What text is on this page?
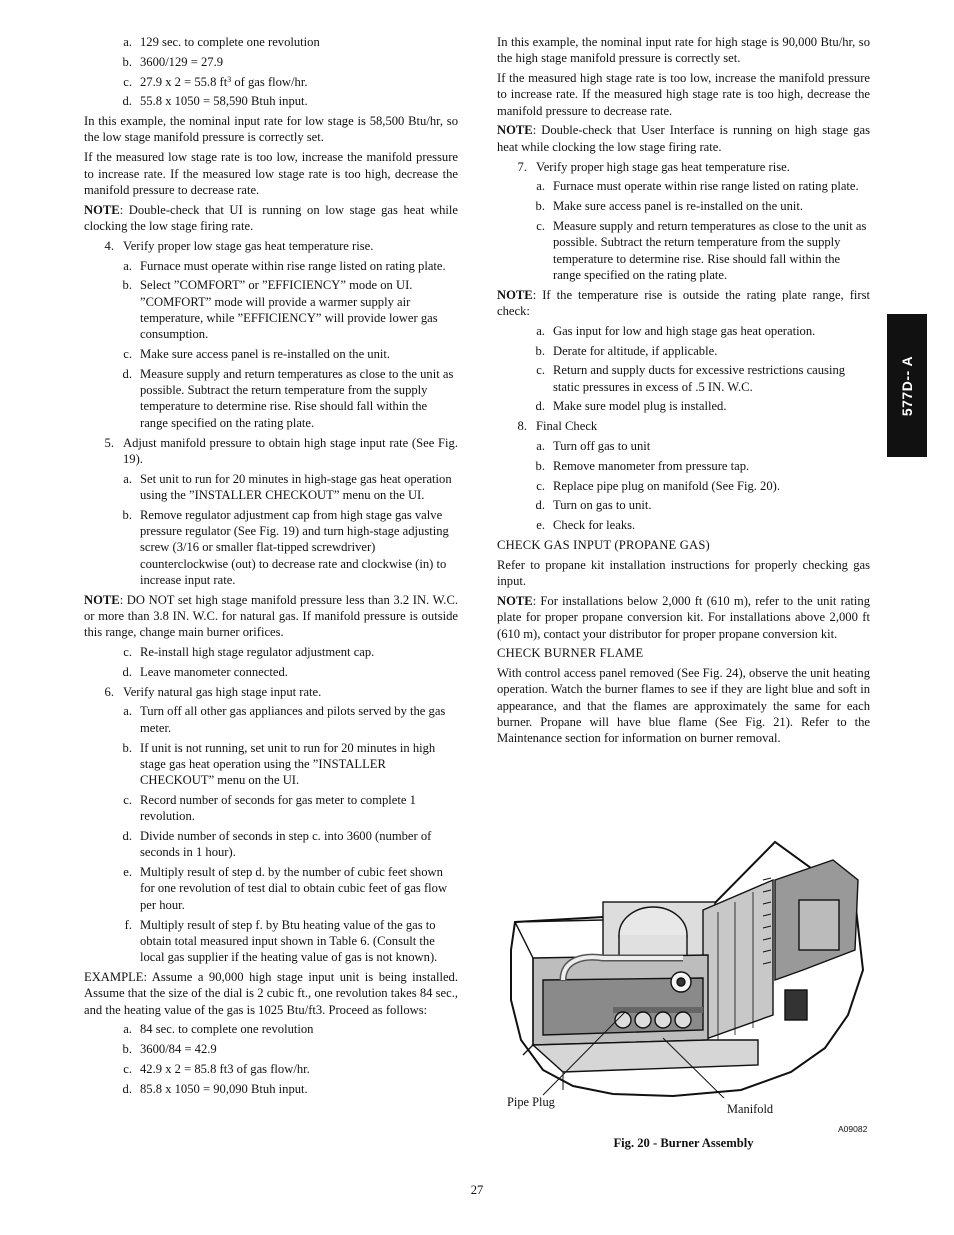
a. 129 sec. to complete one revolution
b. 3600/129 = 27.9
c. 27.9 x 2 = 55.8 $ft^3$ of gas flow/hr.
d. 55.8 x 1050 = 58,590 Btuh input.

In this example, the nominal input rate for low stage is 58,500 Btu/hr, so the low stage manifold pressure is correctly set.

If the measured low stage rate is too low, increase the manifold pressure to increase rate. If the measured low stage rate is too high, decrease the manifold pressure to decrease rate.

NOTE: Double-check that UI is running on low stage gas heat while clocking the low stage firing rate.

4. Verify proper low stage gas heat temperature rise.
a. Furnace must operate within rise range listed on rating plate.
b. Select ”COMFORT” or ”EFFICIENCY” mode on UI. ”COMFORT” mode will provide a warmer supply air temperature, while ”EFFICIENCY” will provide lower gas consumption.
c. Make sure access panel is re-installed on the unit.
d. Measure supply and return temperatures as close to the unit as possible. Subtract the return temperature from the supply temperature to determine rise. Rise should fall within the range specified on the rating plate.
5. Adjust manifold pressure to obtain high stage input rate (See Fig. 19).
a. Set unit to run for 20 minutes in high-stage gas heat operation using the ”INSTALLER CHECKOUT” menu on the UI.
b. Remove regulator adjustment cap from high stage gas valve pressure regulator (See Fig. 19) and turn high-stage adjusting screw (3/16 or smaller flat-tipped screwdriver) counterclockwise (out) to decrease rate and clockwise (in) to increase input rate.

NOTE: DO NOT set high stage manifold pressure less than 3.2 IN. W.C. or more than 3.8 IN. W.C. for natural gas. If manifold pressure is outside this range, change main burner orifices.

c. Re-install high stage regulator adjustment cap.
d. Leave manometer connected.
6. Verify natural gas high stage input rate.
a. Turn off all other gas appliances and pilots served by the gas meter.
b. If unit is not running, set unit to run for 20 minutes in high stage gas heat operation using the ”INSTALLER CHECKOUT” menu on the UI.
c. Record number of seconds for gas meter to complete 1 revolution.
d. Divide number of seconds in step c. into 3600 (number of seconds in 1 hour).
e. Multiply result of step d. by the number of cubic feet shown for one revolution of test dial to obtain cubic feet of gas flow per hour.
f. Multiply result of step f. by Btu heating value of the gas to obtain total measured input shown in Table 6. (Consult the local gas supplier if the heating value of gas is not known).

EXAMPLE: Assume a 90,000 high stage input unit is being installed. Assume that the size of the dial is 2 cubic ft., one revolution takes 84 sec., and the heating value of the gas is 1025 Btu/ft3. Proceed as follows:

a. 84 sec. to complete one revolution
b. 3600/84 = 42.9
c. 42.9 x 2 = 85.8 ft3 of gas flow/hr.
d. 85.8 x 1050 = 90,090 Btuh input.

In this example, the nominal input rate for high stage is 90,000 Btu/hr, so the high stage manifold pressure is correctly set.

If the measured high stage rate is too low, increase the manifold pressure to increase rate. If the measured high stage rate is too high, decrease the manifold pressure to decrease rate.

NOTE: Double-check that User Interface is running on high stage gas heat while clocking the low stage firing rate.

7. Verify proper high stage gas heat temperature rise.
a. Furnace must operate within rise range listed on rating plate.
b. Make sure access panel is re-installed on the unit.
c. Measure supply and return temperatures as close to the unit as possible. Subtract the return temperature from the supply temperature to determine rise. Rise should fall within the range specified on the rating plate.

NOTE: If the temperature rise is outside the rating plate range, first check:

a. Gas input for low and high stage gas heat operation.
b. Derate for altitude, if applicable.
c. Return and supply ducts for excessive restrictions causing static pressures in excess of .5 IN. W.C.
d. Make sure model plug is installed.
8. Final Check
a. Turn off gas to unit
b. Remove manometer from pressure tap.
c. Replace pipe plug on manifold (See Fig. 20).
d. Turn on gas to unit.
e. Check for leaks.

CHECK GAS INPUT (PROPANE GAS)

Refer to propane kit installation instructions for properly checking gas input.

NOTE: For installations below 2,000 ft (610 m), refer to the unit rating plate for proper propane conversion kit. For installations above 2,000 ft (610 m), contact your distributor for proper propane conversion kit.

CHECK BURNER FLAME

With control access panel removed (See Fig. 24), observe the unit heating operation. Watch the burner flames to see if they are light blue and soft in appearance, and that the flames are approximately the same for each burner. Propane will have blue flame (See Fig. 21). Refer to the Maintenance section for information on burner removal.

577D-- A
Pipe Plug	Manifold
A09082
Fig. 20 - Burner Assembly
27
